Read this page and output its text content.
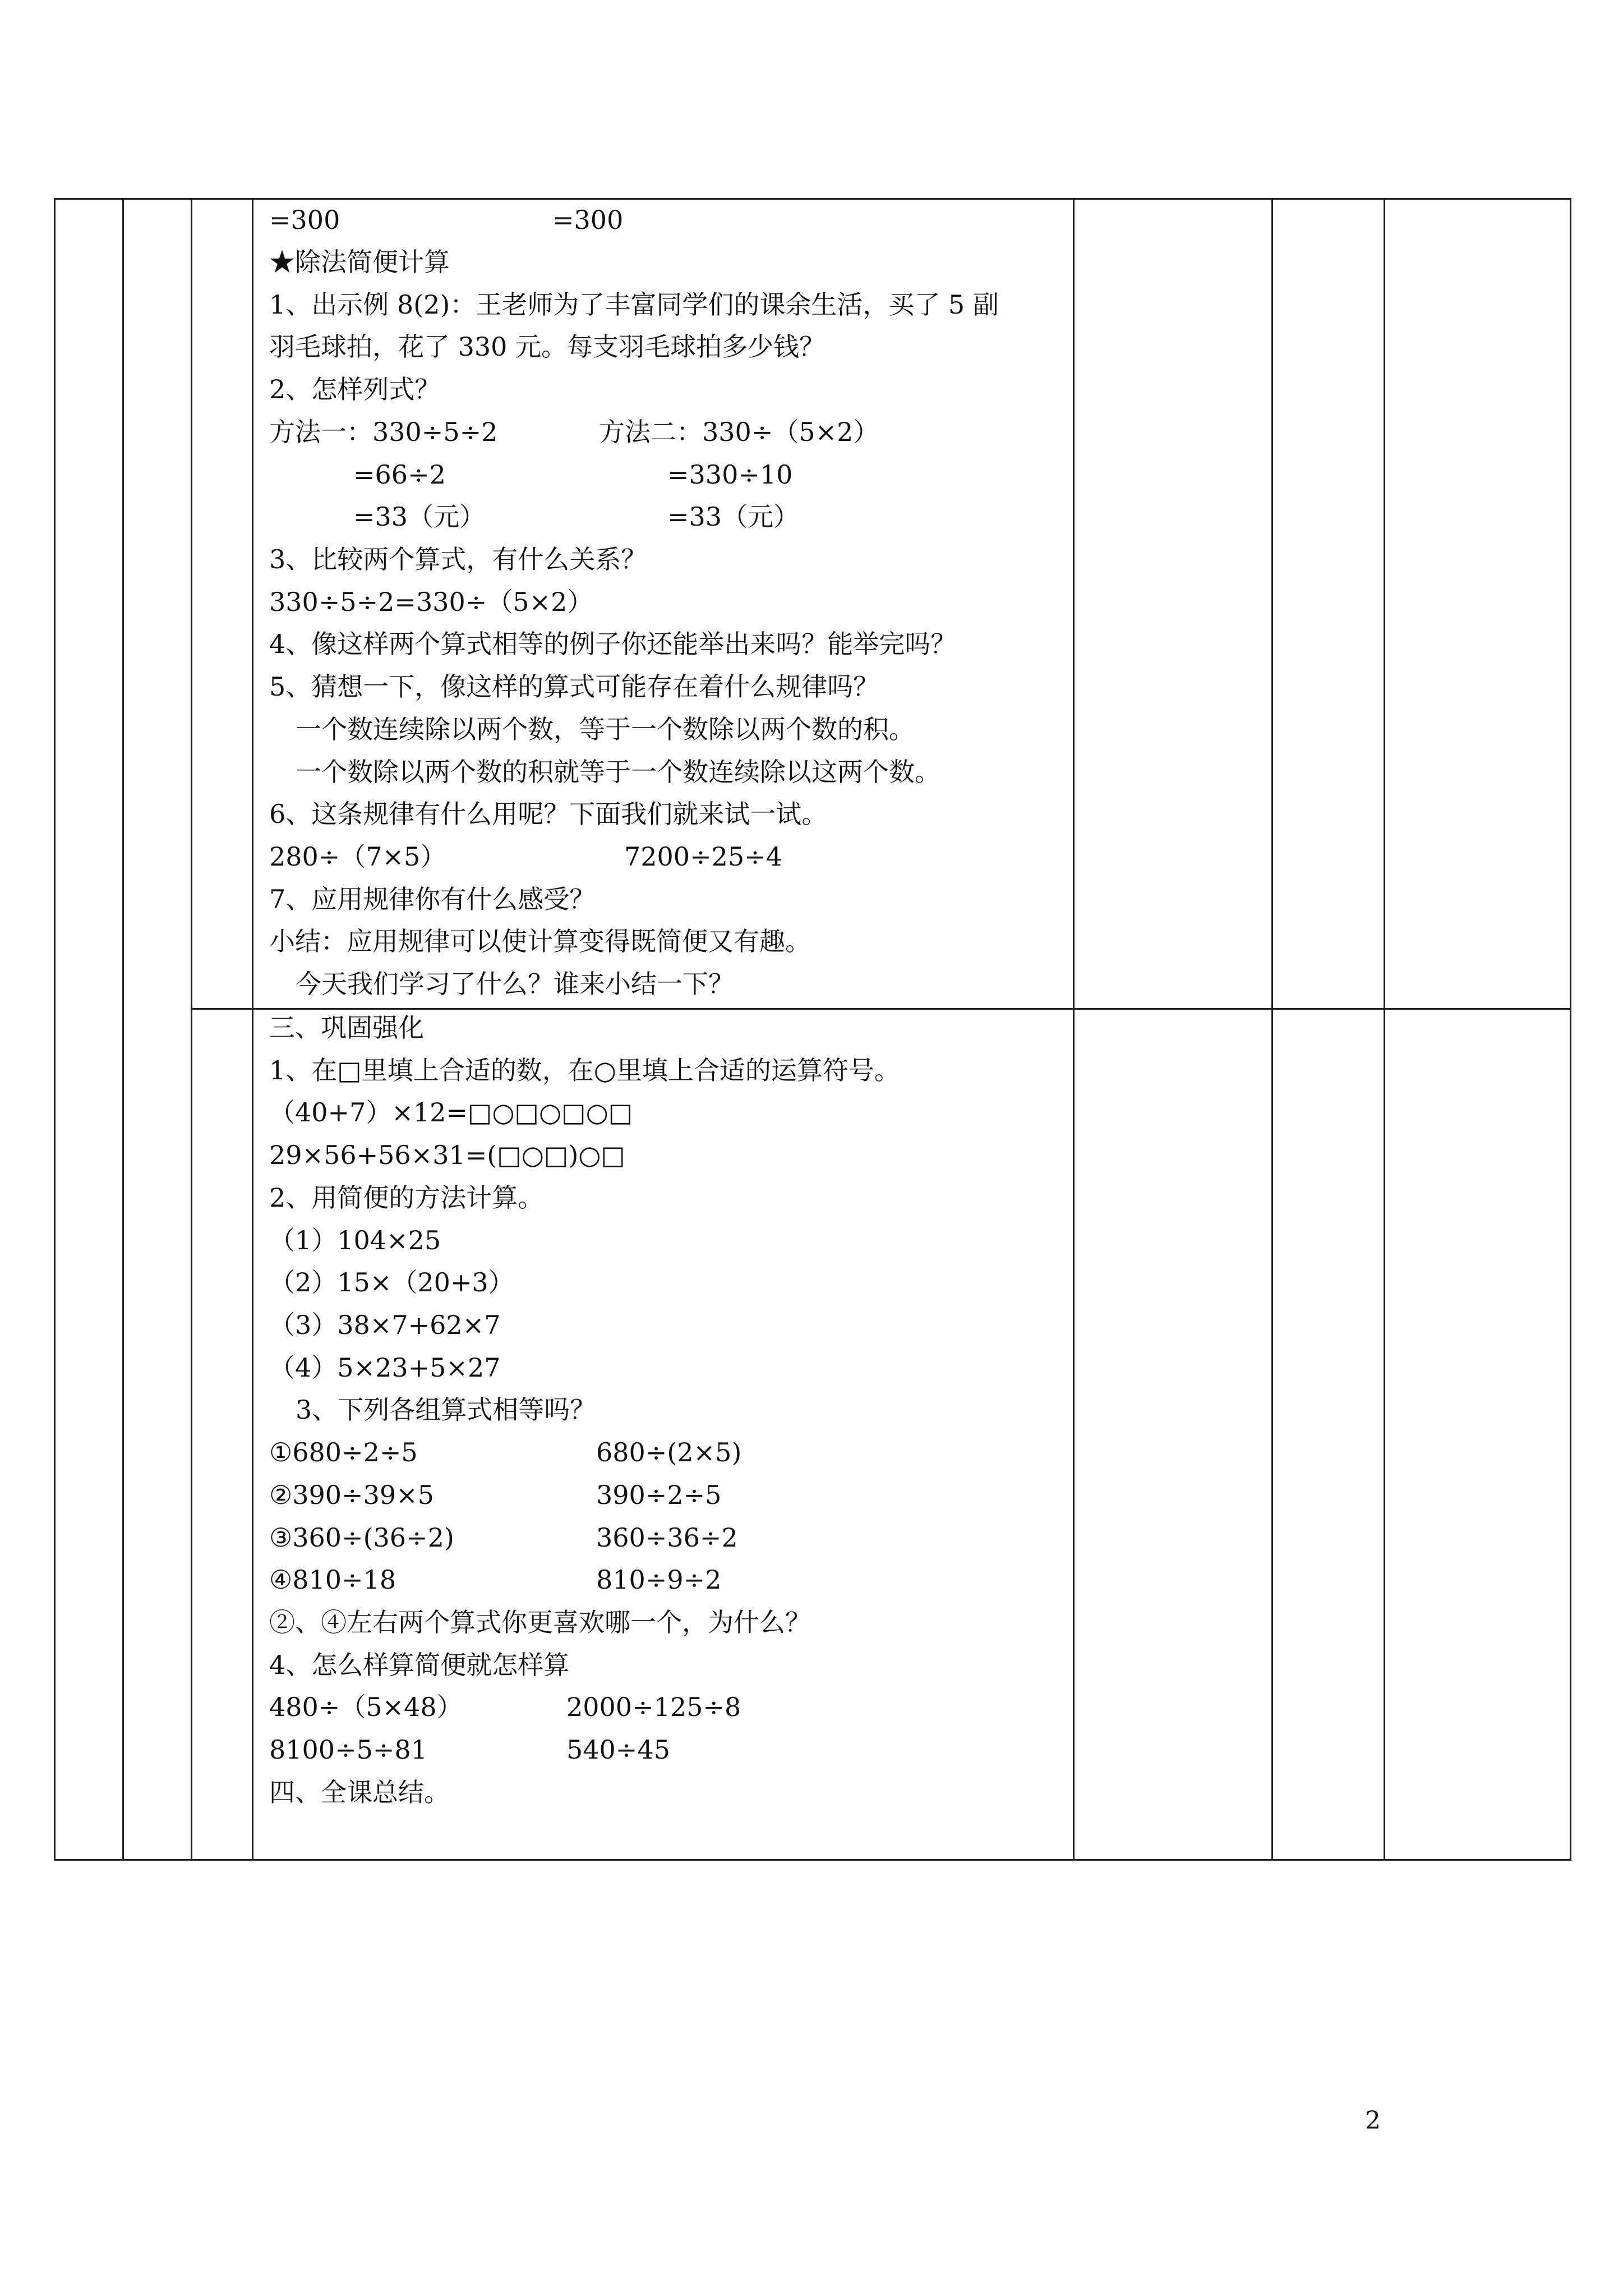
=300	=300
★除法简便计算
1、出示例 8(2)：王老师为了丰富同学们的课余生活，买了 5 副
羽毛球拍，花了 330 元。每支羽毛球拍多少钱？
2、怎样列式？
方法一：330÷5÷2	方法二：330÷（5×2）
=66÷2	=330÷10
=33（元）	=33（元）
3、比较两个算式，有什么关系？
330÷5÷2=330÷（5×2）
4、像这样两个算式相等的例子你还能举出来吗？能举完吗？
5、猜想一下，像这样的算式可能存在着什么规律吗？
一个数连续除以两个数，等于一个数除以两个数的积。
一个数除以两个数的积就等于一个数连续除以这两个数。
6、这条规律有什么用呢？下面我们就来试一试。
280÷（7×5）	7200÷25÷4
7、应用规律你有什么感受？
小结：应用规律可以使计算变得既简便又有趣。
今天我们学习了什么？谁来小结一下？
三、巩固强化
1、在□里填上合适的数，在○里填上合适的运算符号。
（40+7）×12=□○□○□○□
29×56+56×31=(□○□)○□
2、用简便的方法计算。
（1）104×25
（2）15×（20+3）
（3）38×7+62×7
（4）5×23+5×27
3、下列各组算式相等吗？
①680÷2÷5	680÷(2×5)
②390÷39×5	390÷2÷5
③360÷(36÷2)	360÷36÷2
④810÷18	810÷9÷2
②、④左右两个算式你更喜欢哪一个，为什么？
4、怎么样算简便就怎样算
480÷（5×48）	2000÷125÷8
8100÷5÷81	540÷45
四、全课总结。
2
